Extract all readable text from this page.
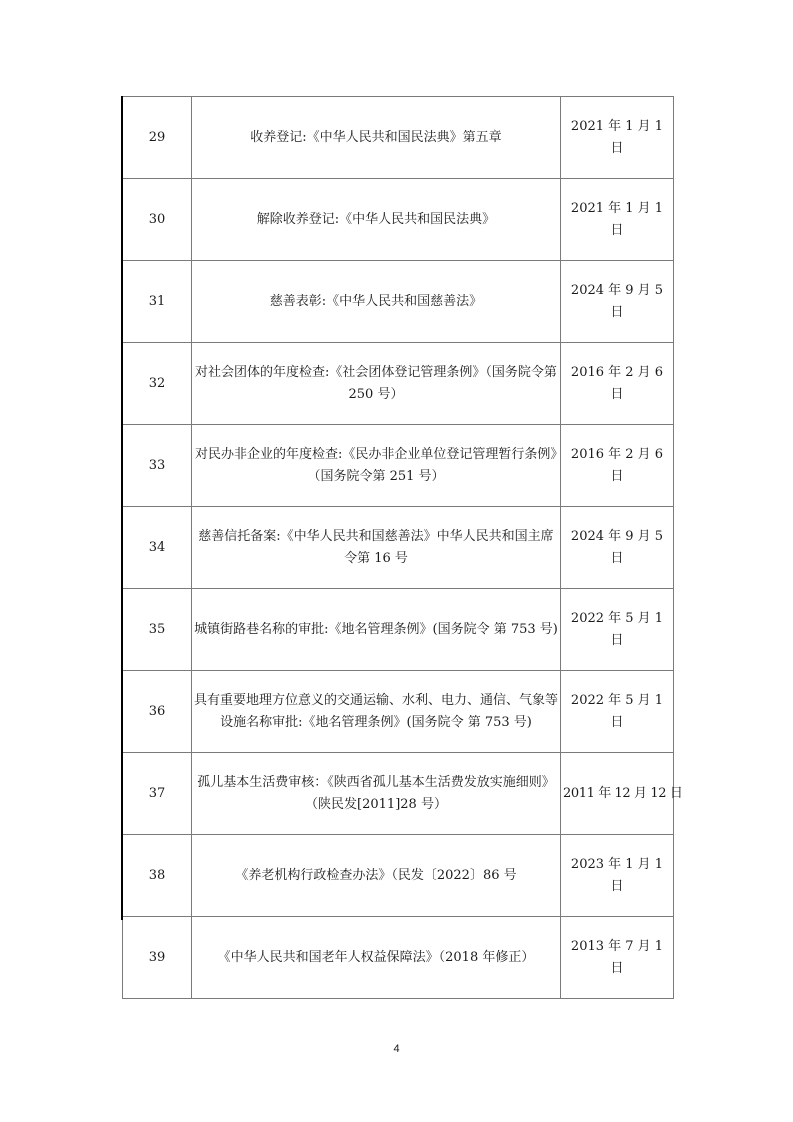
29	收养登记:《中华人民共和国民法典》第五章	2021 年 1 月 1 日
30	解除收养登记:《中华人民共和国民法典》	2021 年 1 月 1 日
31	慈善表彰:《中华人民共和国慈善法》	2024 年 9 月 5 日
32	对社会团体的年度检查:《社会团体登记管理条例》（国务院令第 250 号）	2016 年 2 月 6 日
33	对民办非企业的年度检查:《民办非企业单位登记管理暂行条例》（国务院令第 251 号）	2016 年 2 月 6 日
34	慈善信托备案:《中华人民共和国慈善法》中华人民共和国主席令第 16 号	2024 年 9 月 5 日
35	城镇街路巷名称的审批:《地名管理条例》(国务院令 第 753 号)	2022 年 5 月 1 日
36	具有重要地理方位意义的交通运输、水利、电力、通信、气象等设施名称审批:《地名管理条例》(国务院令 第 753 号)	2022 年 5 月 1 日
37	孤儿基本生活费审核：《陕西省孤儿基本生活费发放实施细则》（陕民发[2011]28 号）	2011 年 12 月 12 日
38	《养老机构行政检查办法》（民发〔2022〕86 号	2023 年 1 月 1 日
39	《中华人民共和国老年人权益保障法》（2018 年修正）	2013 年 7 月 1 日
4
